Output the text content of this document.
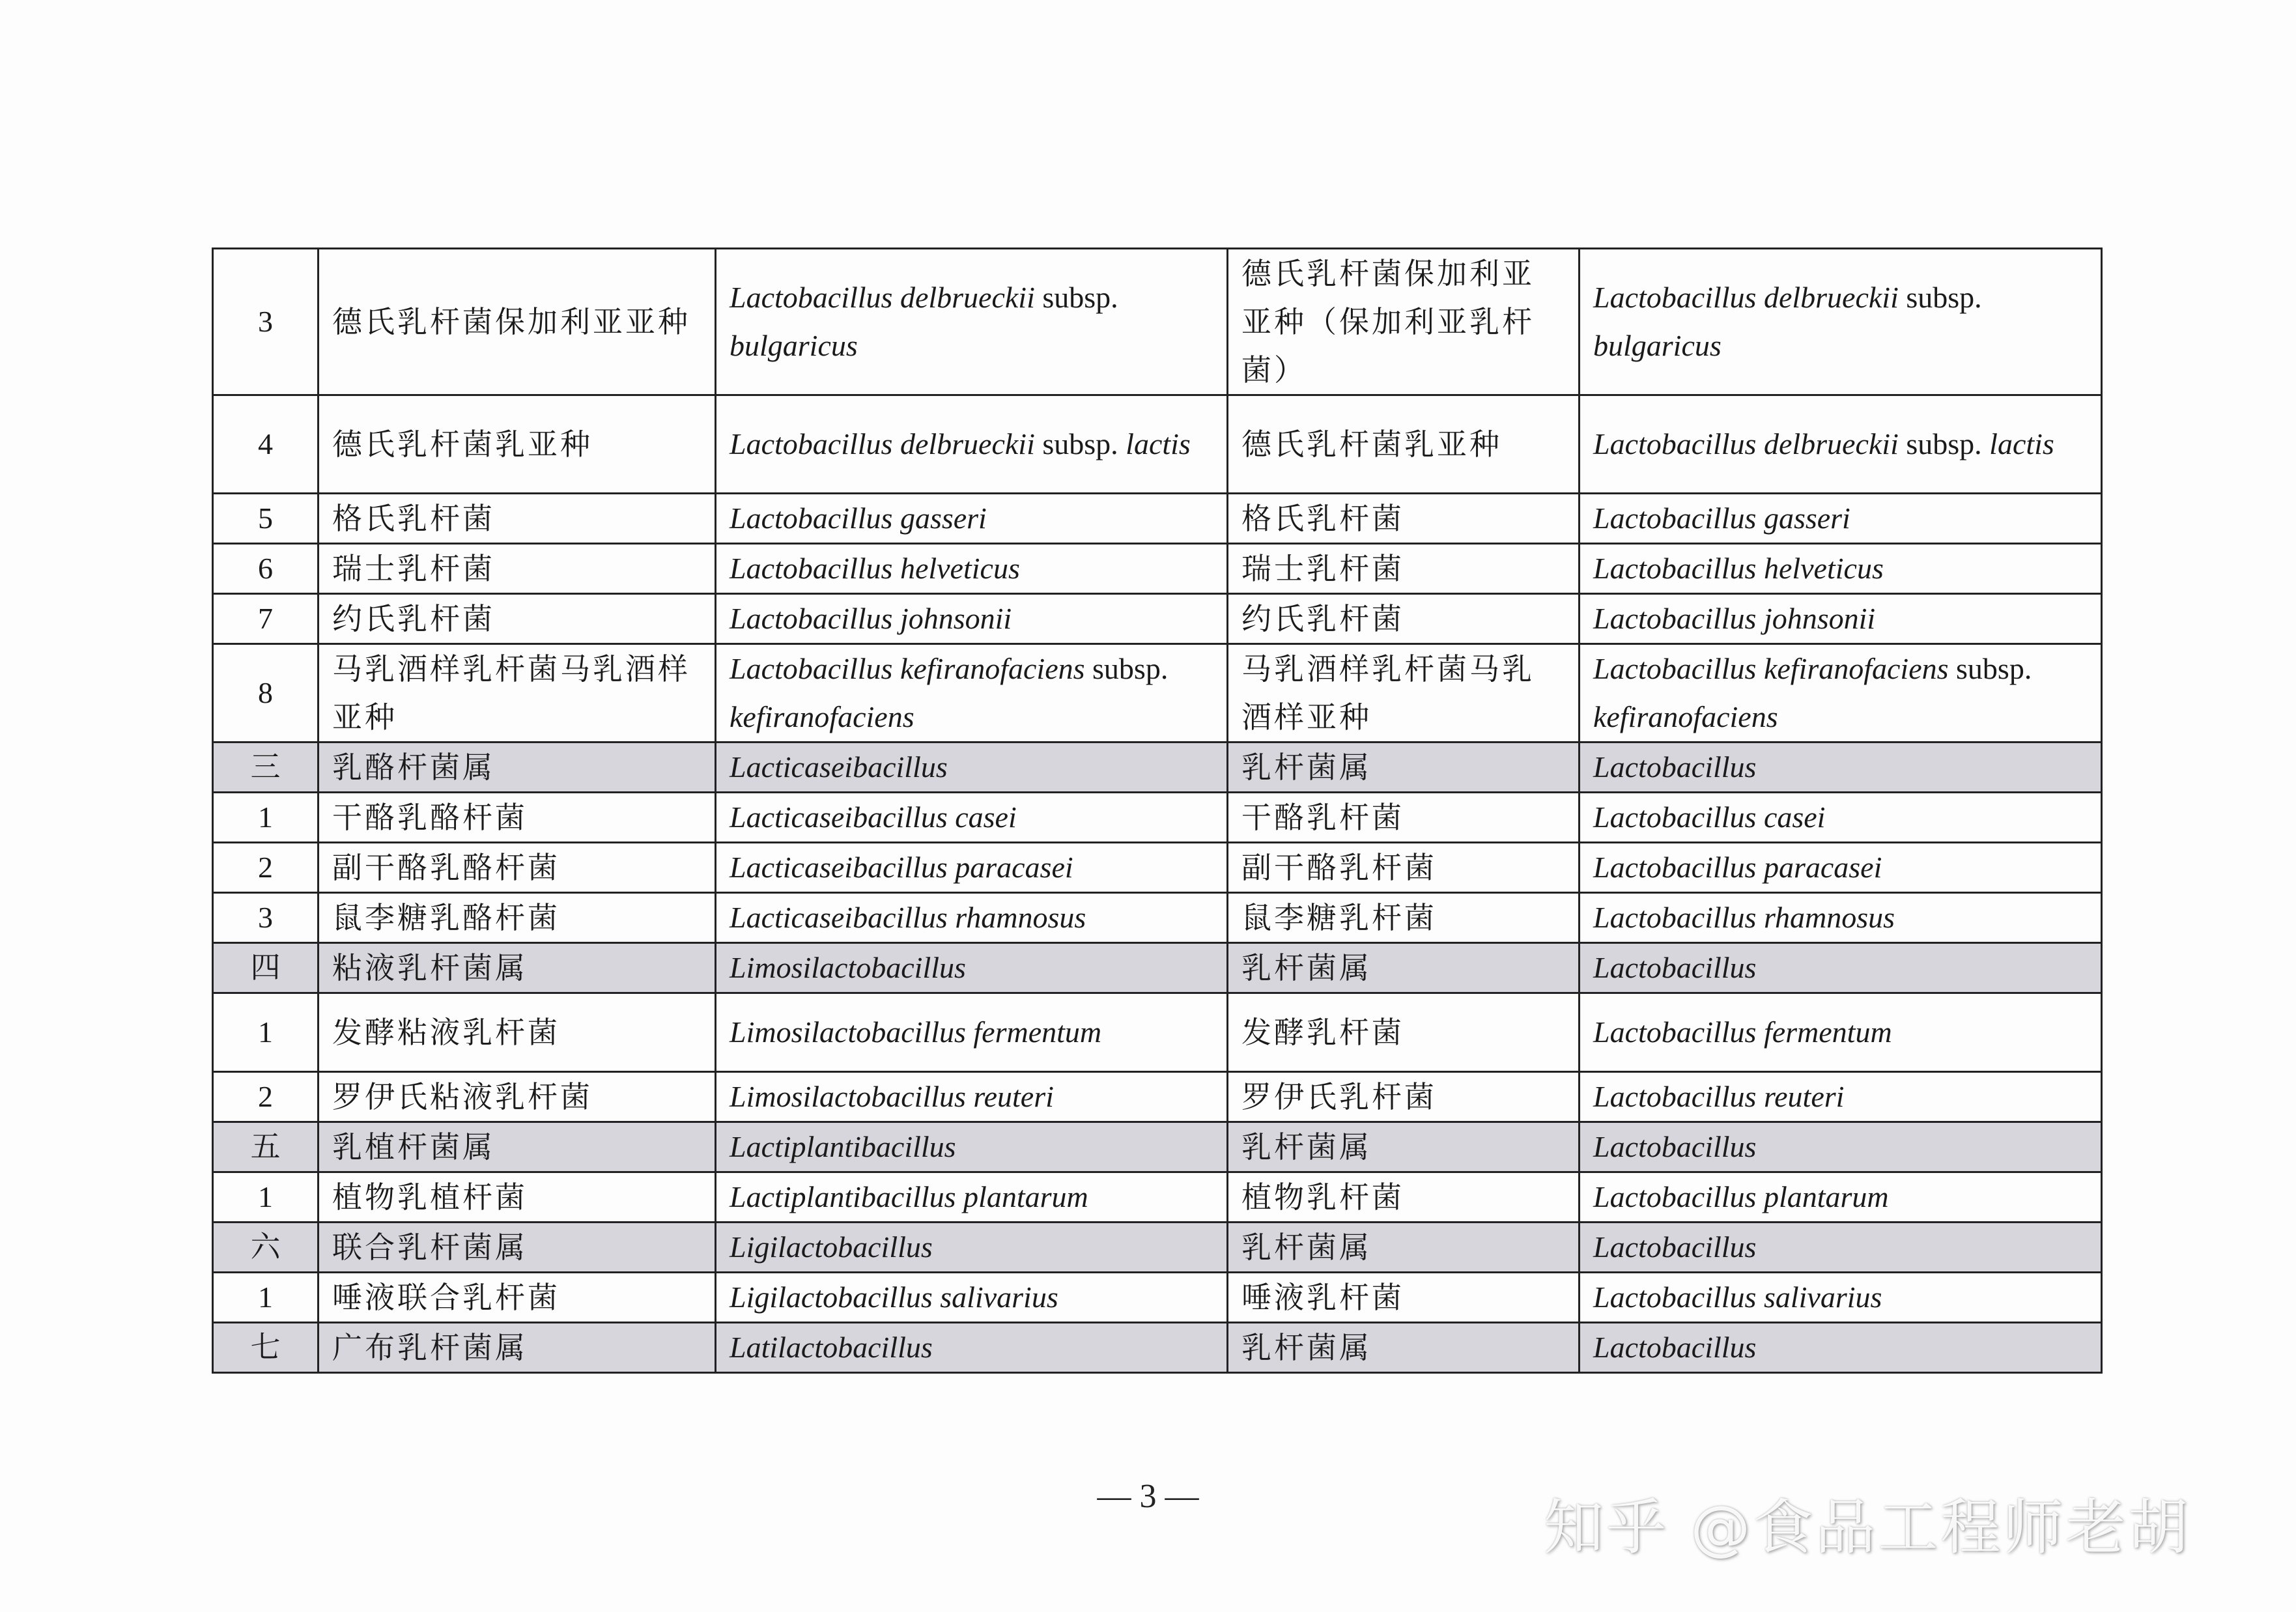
3	德氏乳杆菌保加利亚亚种	Lactobacillus delbrueckii subsp. bulgaricus	德氏乳杆菌保加利亚亚种（保加利亚乳杆菌）	Lactobacillus delbrueckii subsp. bulgaricus
4	德氏乳杆菌乳亚种	Lactobacillus delbrueckii subsp. lactis	德氏乳杆菌乳亚种	Lactobacillus delbrueckii subsp. lactis
5	格氏乳杆菌	Lactobacillus gasseri	格氏乳杆菌	Lactobacillus gasseri
6	瑞士乳杆菌	Lactobacillus helveticus	瑞士乳杆菌	Lactobacillus helveticus
7	约氏乳杆菌	Lactobacillus johnsonii	约氏乳杆菌	Lactobacillus johnsonii
8	马乳酒样乳杆菌马乳酒样亚种	Lactobacillus kefiranofaciens subsp. kefiranofaciens	马乳酒样乳杆菌马乳酒样亚种	Lactobacillus kefiranofaciens subsp. kefiranofaciens
三	乳酪杆菌属	Lacticaseibacillus	乳杆菌属	Lactobacillus
1	干酪乳酪杆菌	Lacticaseibacillus casei	干酪乳杆菌	Lactobacillus casei
2	副干酪乳酪杆菌	Lacticaseibacillus paracasei	副干酪乳杆菌	Lactobacillus paracasei
3	鼠李糖乳酪杆菌	Lacticaseibacillus rhamnosus	鼠李糖乳杆菌	Lactobacillus rhamnosus
四	粘液乳杆菌属	Limosilactobacillus	乳杆菌属	Lactobacillus
1	发酵粘液乳杆菌	Limosilactobacillus fermentum	发酵乳杆菌	Lactobacillus fermentum
2	罗伊氏粘液乳杆菌	Limosilactobacillus reuteri	罗伊氏乳杆菌	Lactobacillus reuteri
五	乳植杆菌属	Lactiplantibacillus	乳杆菌属	Lactobacillus
1	植物乳植杆菌	Lactiplantibacillus plantarum	植物乳杆菌	Lactobacillus plantarum
六	联合乳杆菌属	Ligilactobacillus	乳杆菌属	Lactobacillus
1	唾液联合乳杆菌	Ligilactobacillus salivarius	唾液乳杆菌	Lactobacillus salivarius
七	广布乳杆菌属	Latilactobacillus	乳杆菌属	Lactobacillus
— 3 —	知乎 @食品工程师老胡
